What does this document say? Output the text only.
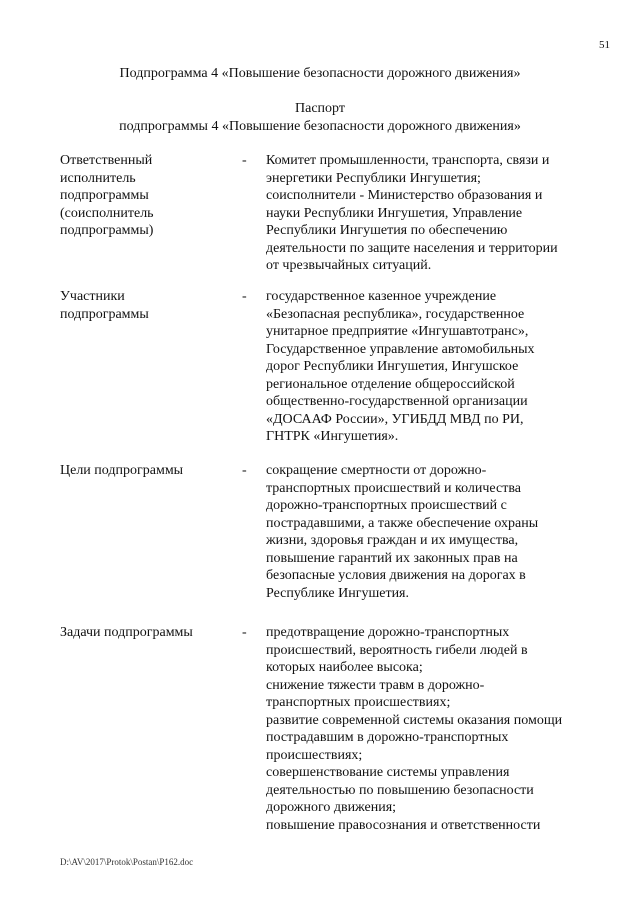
51
Подпрограмма 4 «Повышение безопасности дорожного движения»
Паспорт
подпрограммы 4 «Повышение безопасности дорожного движения»
Ответственный
исполнитель
подпрограммы
(соисполнитель
подпрограммы)
- Комитет промышленности, транспорта, связи и
энергетики Республики Ингушетия;
соисполнители - Министерство образования и
науки Республики Ингушетия, Управление
Республики Ингушетия по обеспечению
деятельности по защите населения и территории
от чрезвычайных ситуаций.
Участники
подпрограммы
- государственное казенное учреждение
«Безопасная республика», государственное
унитарное предприятие «Ингушавтотранс»,
Государственное управление автомобильных
дорог Республики Ингушетия, Ингушское
региональное отделение общероссийской
общественно-государственной организации
«ДОСААФ России», УГИБДД МВД по РИ,
ГНТРК «Ингушетия».
Цели подпрограммы	- сокращение смертности от дорожно-
транспортных происшествий и количества
дорожно-транспортных происшествий с
пострадавшими, а также обеспечение охраны
жизни, здоровья граждан и их имущества,
повышение гарантий их законных прав на
безопасные условия движения на дорогах в
Республике Ингушетия.
Задачи подпрограммы	- предотвращение дорожно-транспортных
происшествий, вероятность гибели людей в
которых наиболее высока;
снижение тяжести травм в дорожно-
транспортных происшествиях;
развитие современной системы оказания помощи
пострадавшим в дорожно-транспортных
происшествиях;
совершенствование системы управления
деятельностью по повышению безопасности
дорожного движения;
повышение правосознания и ответственности
D:\AV\2017\Protok\Postan\P162.doc
